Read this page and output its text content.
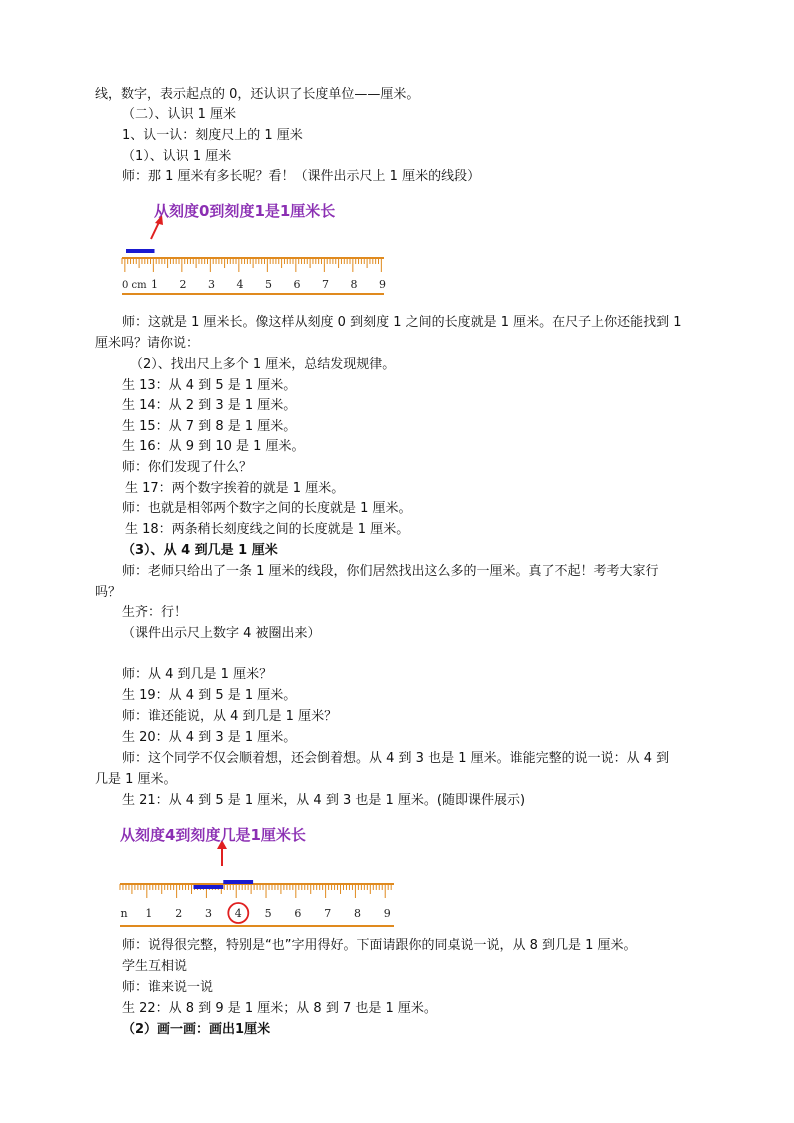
线，数字，表示起点的 0，还认识了长度单位——厘米。
（二）、认识 1 厘米
1、认一认：刻度尺上的 1 厘米
（1）、认识 1 厘米
师：那 1 厘米有多长呢？看！（课件出示尺上 1 厘米的线段）
师：这就是 1 厘米长。像这样从刻度 0 到刻度 1 之间的长度就是 1 厘米。在尺子上你还能找到 1
厘米吗？请你说：
（2）、找出尺上多个 1 厘米，总结发现规律。
生 13：从 4 到 5 是 1 厘米。
生 14：从 2 到 3 是 1 厘米。
生 15：从 7 到 8 是 1 厘米。
生 16：从 9 到 10 是 1 厘米。
师：你们发现了什么？
生 17：两个数字挨着的就是 1 厘米。
师：也就是相邻两个数字之间的长度就是 1 厘米。
生 18：两条稍长刻度线之间的长度就是 1 厘米。
（3）、从 4 到几是 1 厘米
师：老师只给出了一条 1 厘米的线段，你们居然找出这么多的一厘米。真了不起！考考大家行
吗？
生齐：行！
（课件出示尺上数字 4 被圈出来）
师：从 4 到几是 1 厘米？
生 19：从 4 到 5 是 1 厘米。
师：谁还能说，从 4 到几是 1 厘米？
生 20：从 4 到 3 是 1 厘米。
师：这个同学不仅会顺着想，还会倒着想。从 4 到 3 也是 1 厘米。谁能完整的说一说：从 4 到
几是 1 厘米。
生 21：从 4 到 5 是 1 厘米，从 4 到 3 也是 1 厘米。(随即课件展示)
师：说得很完整，特别是“也”字用得好。下面请跟你的同桌说一说，从 8 到几是 1 厘米。
学生互相说
师：谁来说一说
生 22：从 8 到 9 是 1 厘米；从 8 到 7 也是 1 厘米。
（2）画一画：画出1厘米
从刻度0到刻度1是1厘米长
0 cm 1 2 3 4 5 6 7 8 9
从刻度4到刻度几是1厘米长
n 1 2 3 4 5 6 7 8 9
